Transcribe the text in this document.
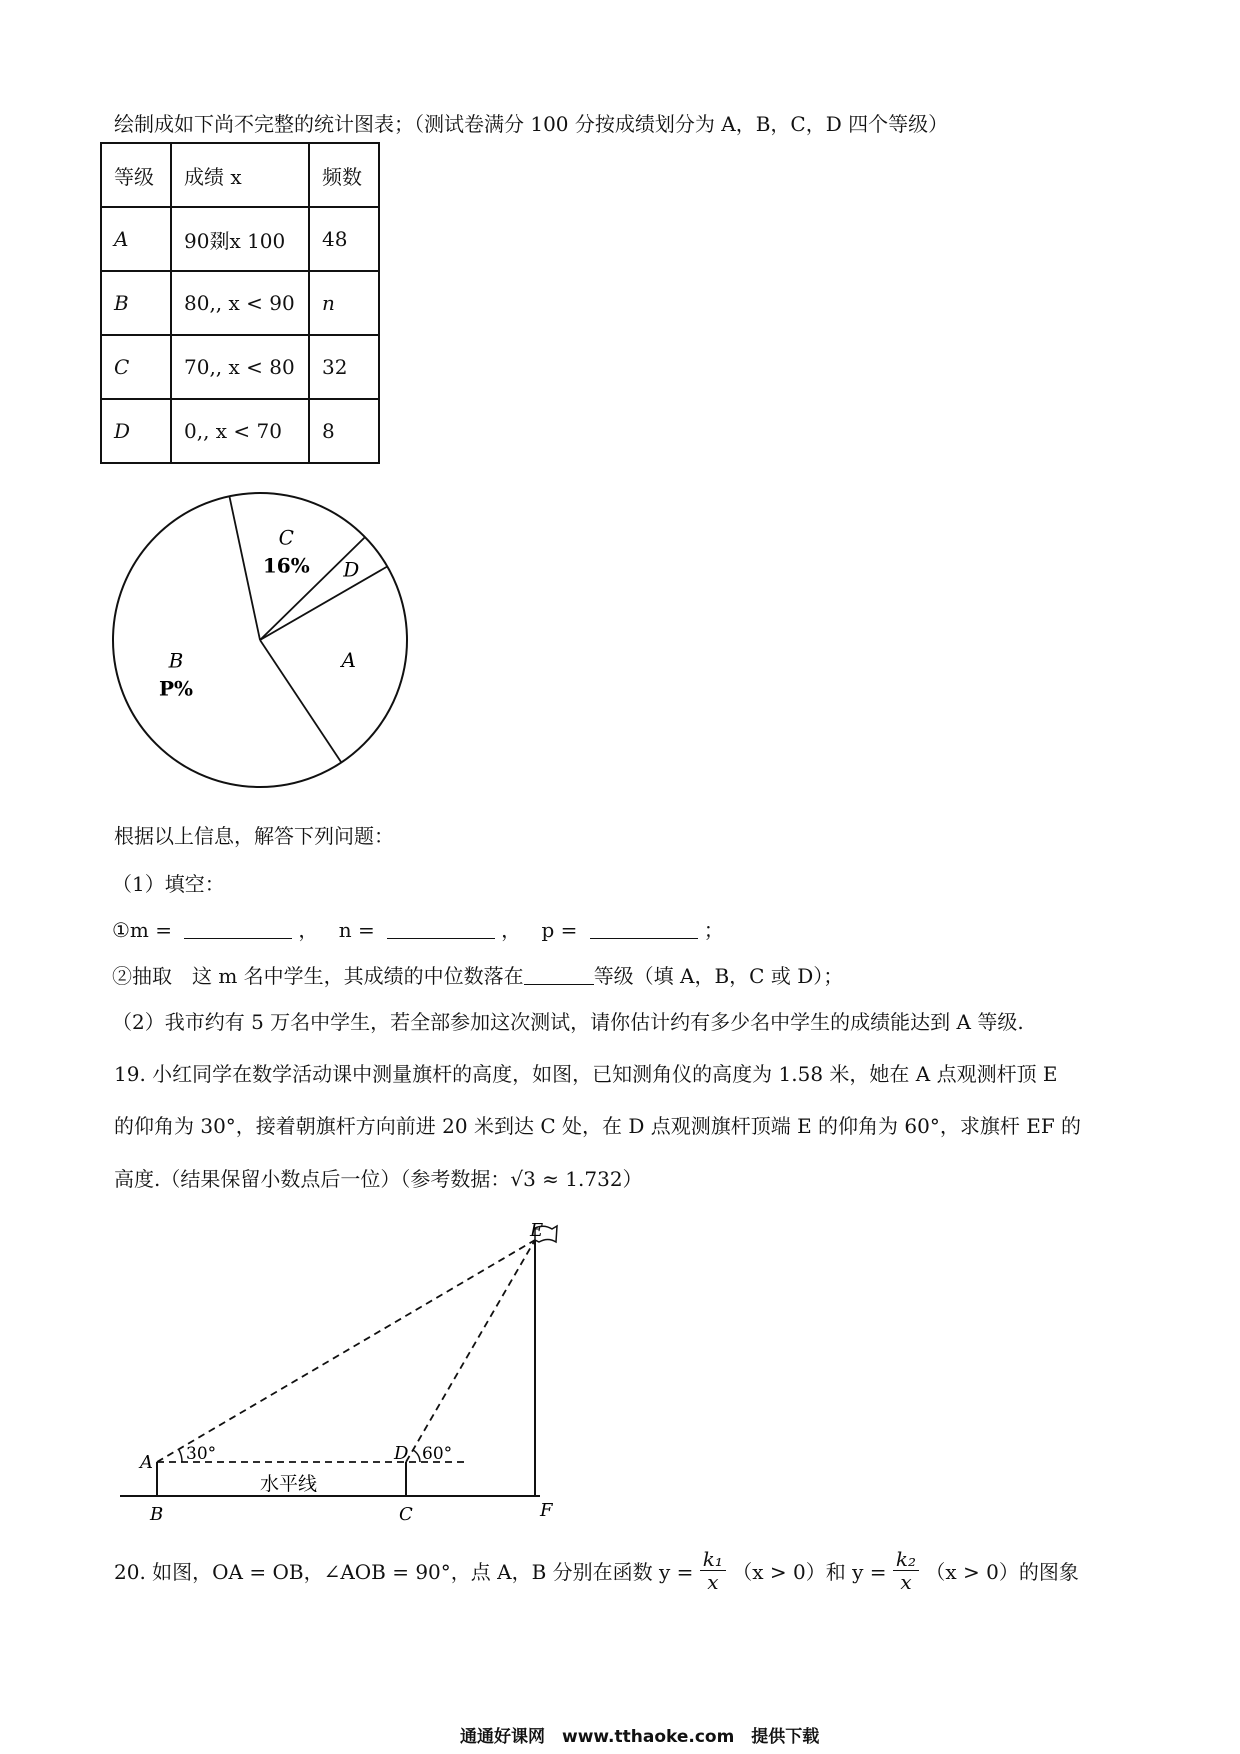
绘制成如下尚不完整的统计图表；（测试卷满分 100 分按成绩划分为 A，B，C，D 四个等级）
等级	成绩 x	频数
A	90剟x 100	48
B	80,, x < 90	n
C	70,, x < 80	32
D	0,, x < 70	8
C
16% D
A
B
P%
根据以上信息，解答下列问题：
（1）填空：
①m =	， n =	， p =	；
②抽取　这 m 名中学生，其成绩的中位数落在	等级（填 A，B，C 或 D）；
（2）我市约有 5 万名中学生，若全部参加这次测试，请你估计约有多少名中学生的成绩能达到 A 等级.
19. 小红同学在数学活动课中测量旗杆的高度，如图，已知测角仪的高度为 1.58 米，她在 A 点观测杆顶 E
的仰角为 30°，接着朝旗杆方向前进 20 米到达 C 处，在 D 点观测旗杆顶端 E 的仰角为 60°，求旗杆 EF 的
高度.（结果保留小数点后一位）（参考数据：√3 ≈ 1.732）
E
A
B	C
D
F
30°	60°
水平线
20. 如图，OA = OB，∠AOB = 90°，点 A，B 分别在函数 $y = \frac{\text{k₁}}{x} (x > 0)$和 $y = \frac{\text{k₂}}{x} (x > 0)$的图象
通通好课网　www.tthaoke.com　提供下载
